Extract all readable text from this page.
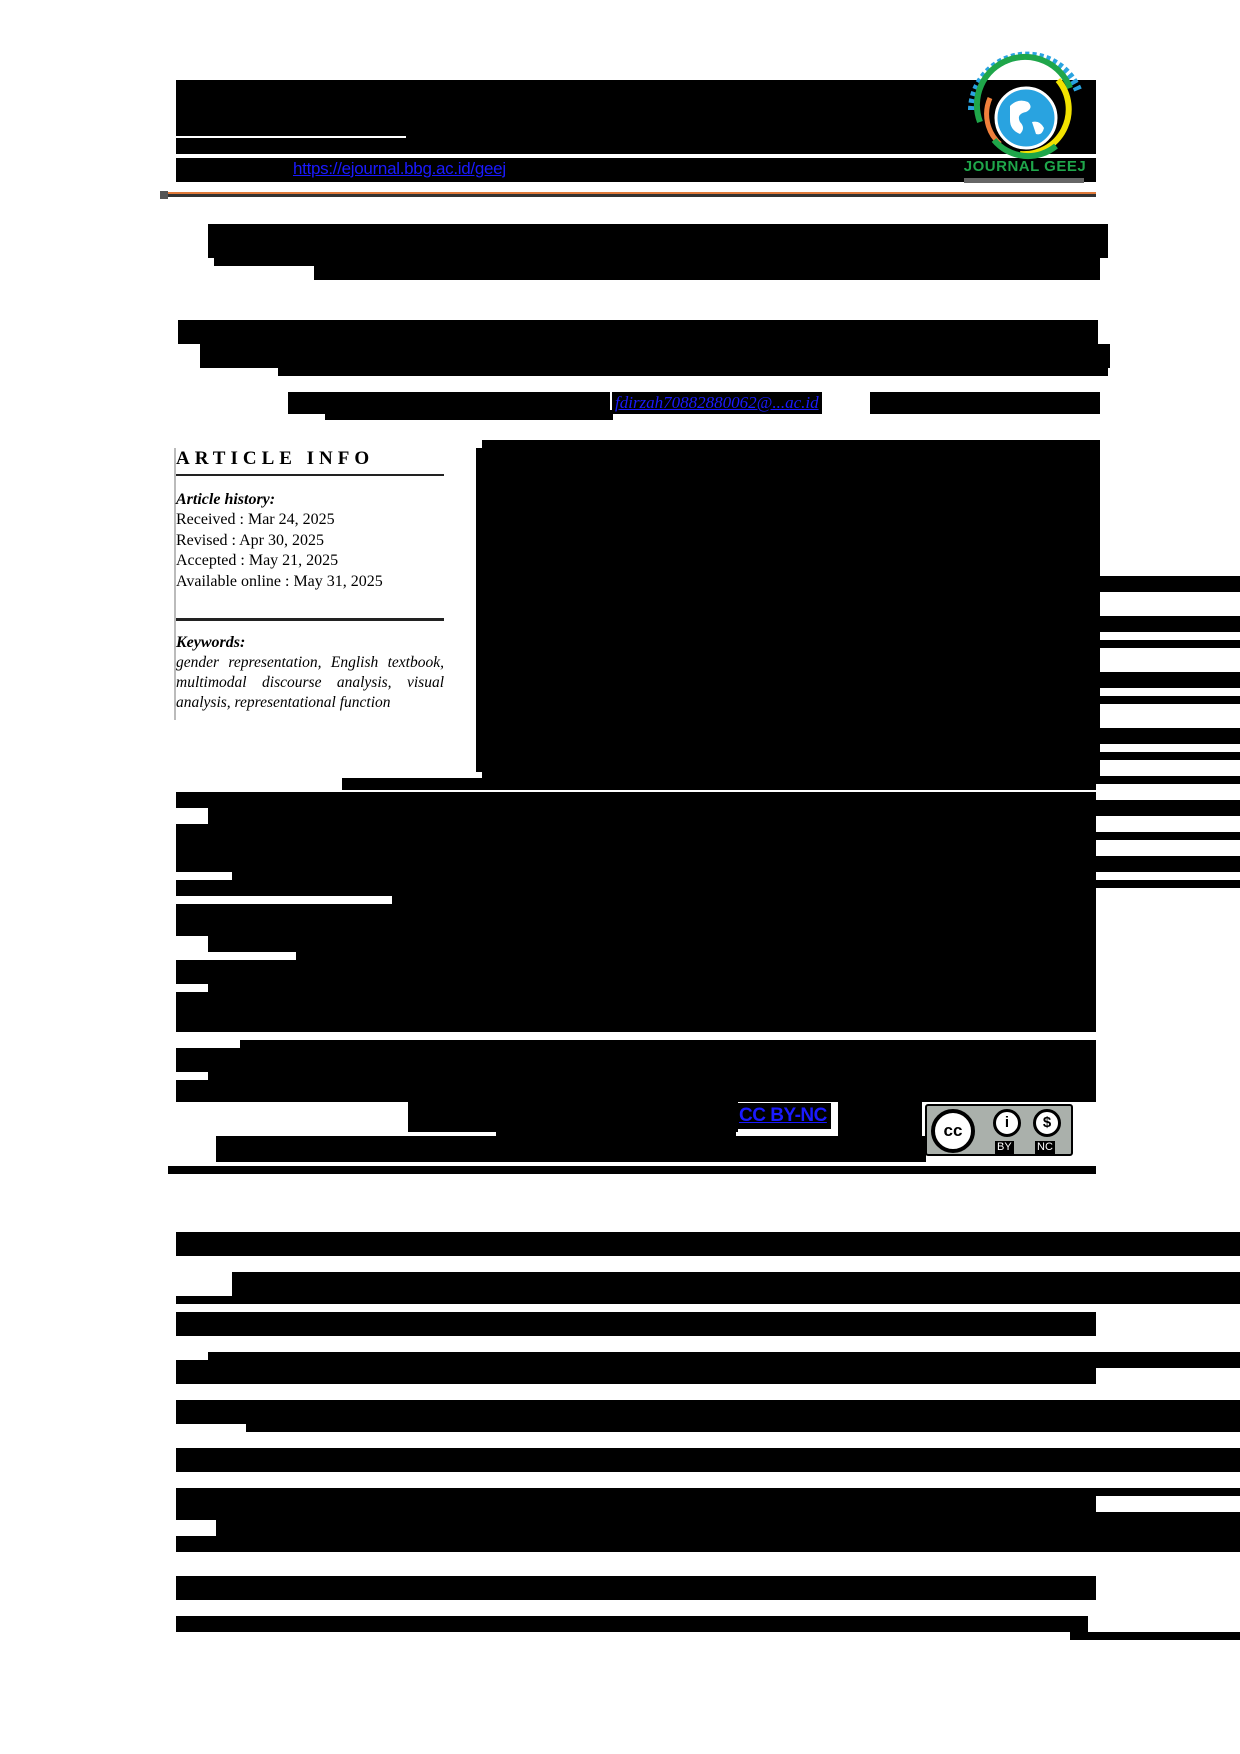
https://ejournal.bbg.ac.id/geej	JOURNAL GEEJ
fdirzah70882880062@...ac.id
ARTICLE INFO
Article history:
Received : Mar 24, 2025
Revised : Apr 30, 2025
Accepted : May 21, 2025
Available online : May 31, 2025
Keywords:
gender representation, English textbook, multimodal discourse analysis, visual analysis, representational function
CC BY-NC
cc	i	$
BY NC
